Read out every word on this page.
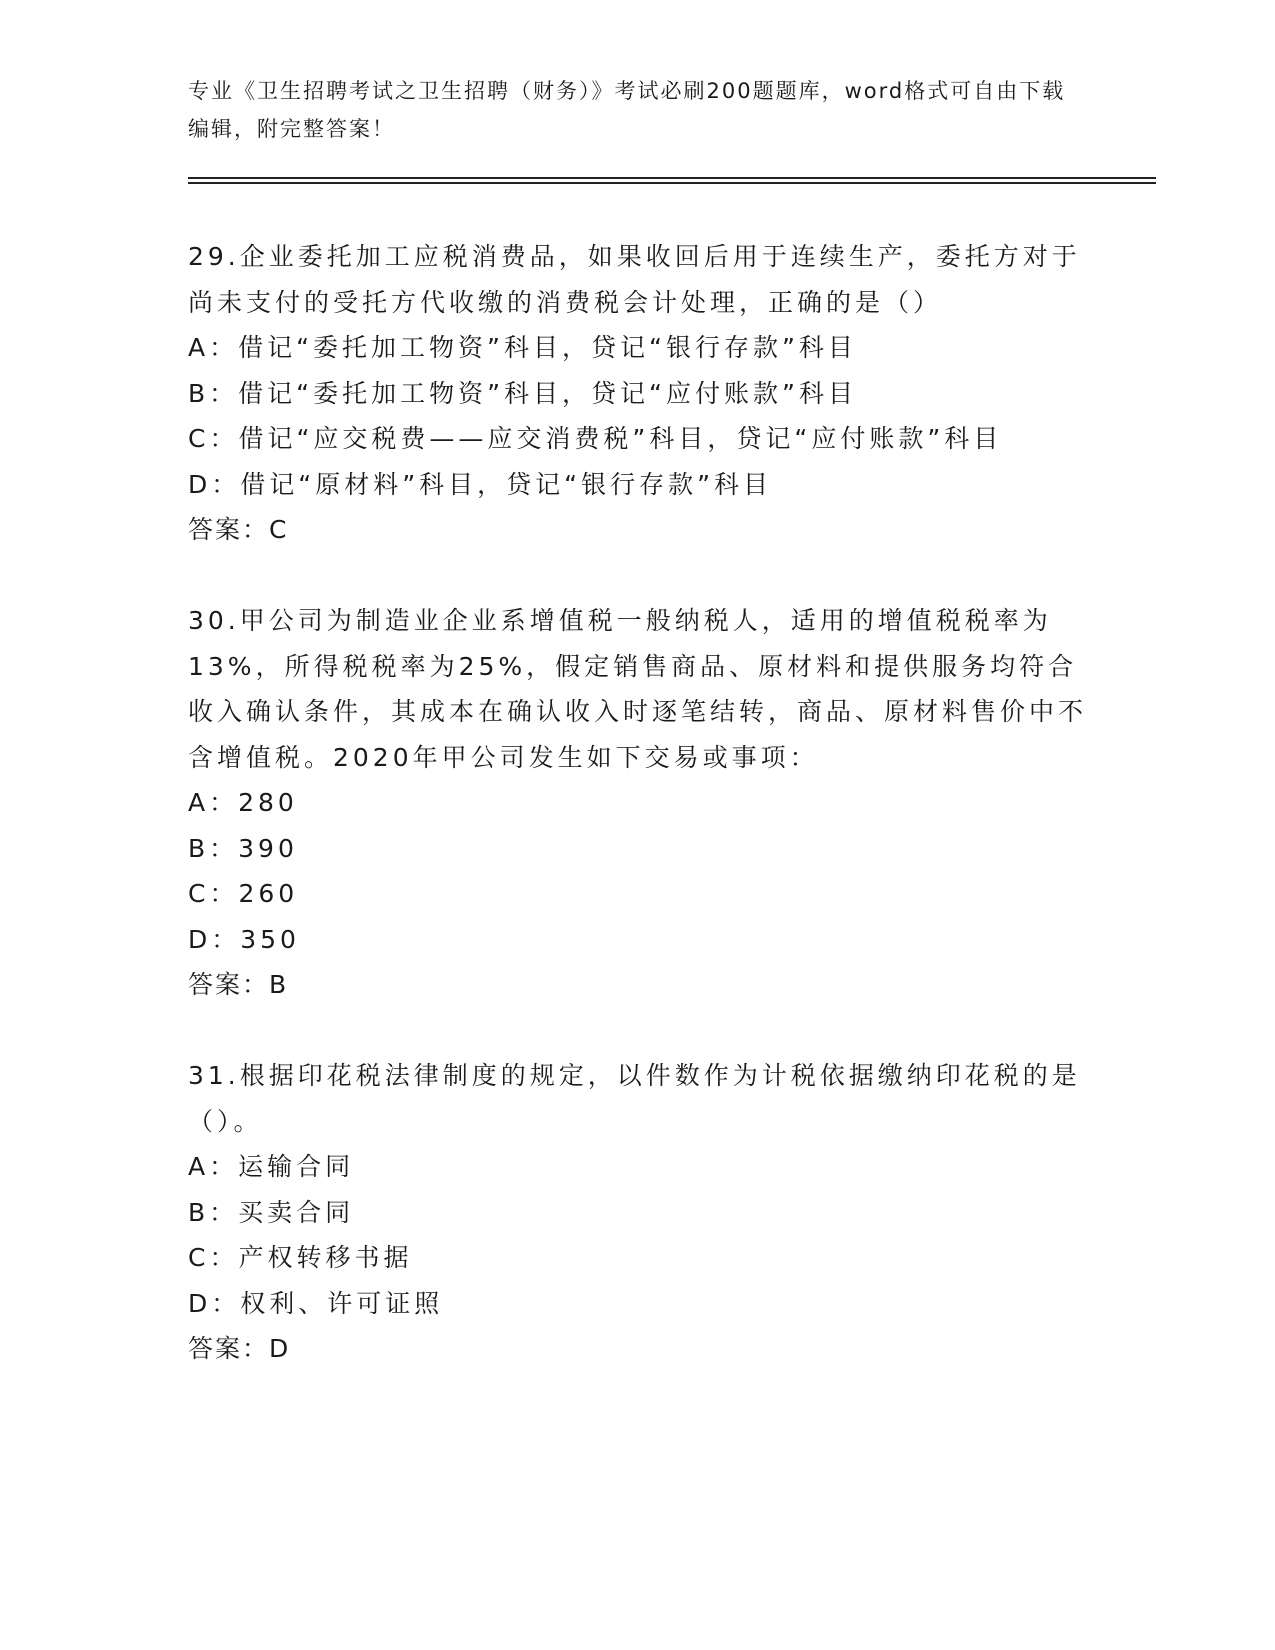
专业《卫生招聘考试之卫生招聘（财务）》考试必刷200题题库，word格式可自由下载编辑，附完整答案！

29.企业委托加工应税消费品，如果收回后用于连续生产，委托方对于尚未支付的受托方代收缴的消费税会计处理，正确的是（）

A：借记“委托加工物资”科目，贷记“银行存款”科目

B：借记“委托加工物资”科目，贷记“应付账款”科目

C：借记“应交税费——应交消费税”科目，贷记“应付账款”科目

D：借记“原材料”科目，贷记“银行存款”科目

答案：C

30.甲公司为制造业企业系增值税一般纳税人，适用的增值税税率为13%，所得税税率为25%，假定销售商品、原材料和提供服务均符合收入确认条件，其成本在确认收入时逐笔结转，商品、原材料售价中不含增值税。2020年甲公司发生如下交易或事项：

A：280

B：390

C：260

D：350

答案：B

31.根据印花税法律制度的规定，以件数作为计税依据缴纳印花税的是（）。

A：运输合同

B：买卖合同

C：产权转移书据

D：权利、许可证照

答案：D
